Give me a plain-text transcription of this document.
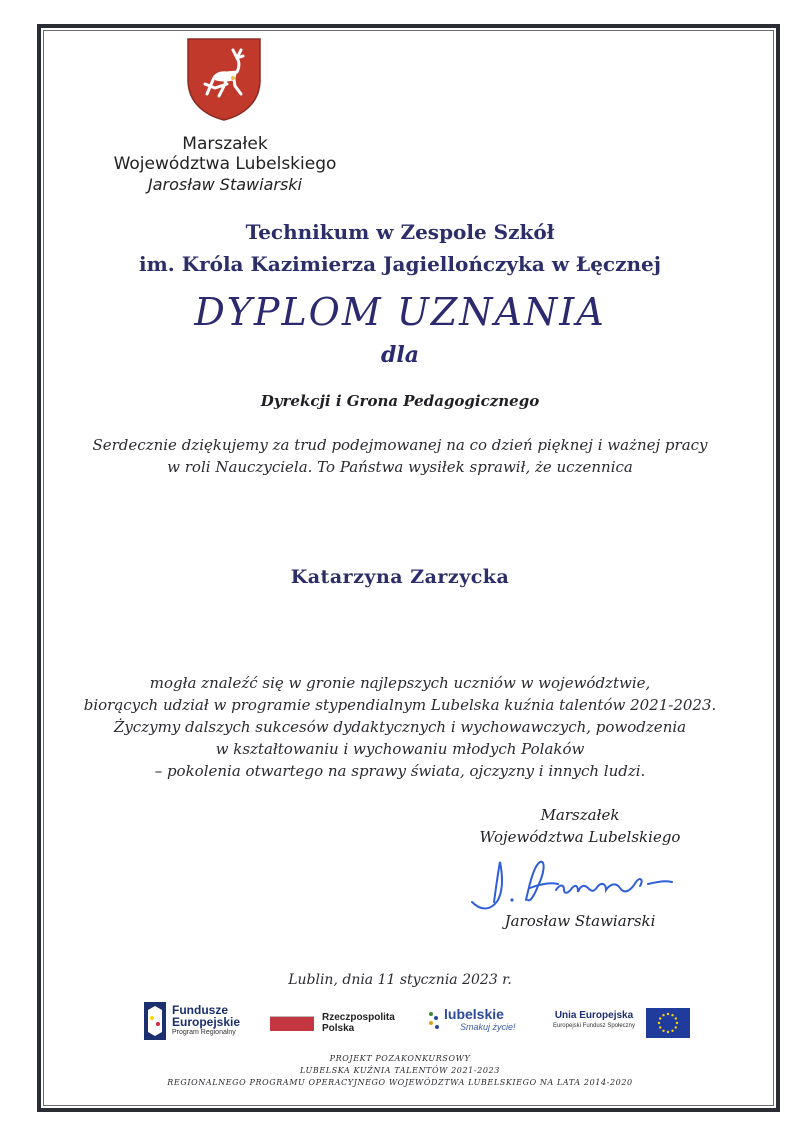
Marszałek
Województwa Lubelskiego
Jarosław Stawiarski
Technikum w Zespole Szkół
im. Króla Kazimierza Jagiellończyka w Łęcznej
DYPLOM UZNANIA
dla
Dyrekcji i Grona Pedagogicznego
Serdecznie dziękujemy za trud podejmowanej na co dzień pięknej i ważnej pracy
w roli Nauczyciela. To Państwa wysiłek sprawił, że uczennica
Katarzyna Zarzycka
mogła znaleźć się w gronie najlepszych uczniów w województwie,
biorących udział w programie stypendialnym Lubelska kuźnia talentów 2021-2023.
Życzymy dalszych sukcesów dydaktycznych i wychowawczych, powodzenia
w kształtowaniu i wychowaniu młodych Polaków
– pokolenia otwartego na sprawy świata, ojczyzny i innych ludzi.
Marszałek
Województwa Lubelskiego
Jarosław Stawiarski
Lublin, dnia 11 stycznia 2023 r.
Fundusze Europejskie
Program Regionalny
Rzeczpospolita
Polska
lubelskie
Smakuj życie!
Unia Europejska
Europejski Fundusz Społeczny
PROJEKT POZAKONKURSOWY
LUBELSKA KUŹNIA TALENTÓW 2021-2023
REGIONALNEGO PROGRAMU OPERACYJNEGO WOJEWÓDZTWA LUBELSKIEGO NA LATA 2014-2020
